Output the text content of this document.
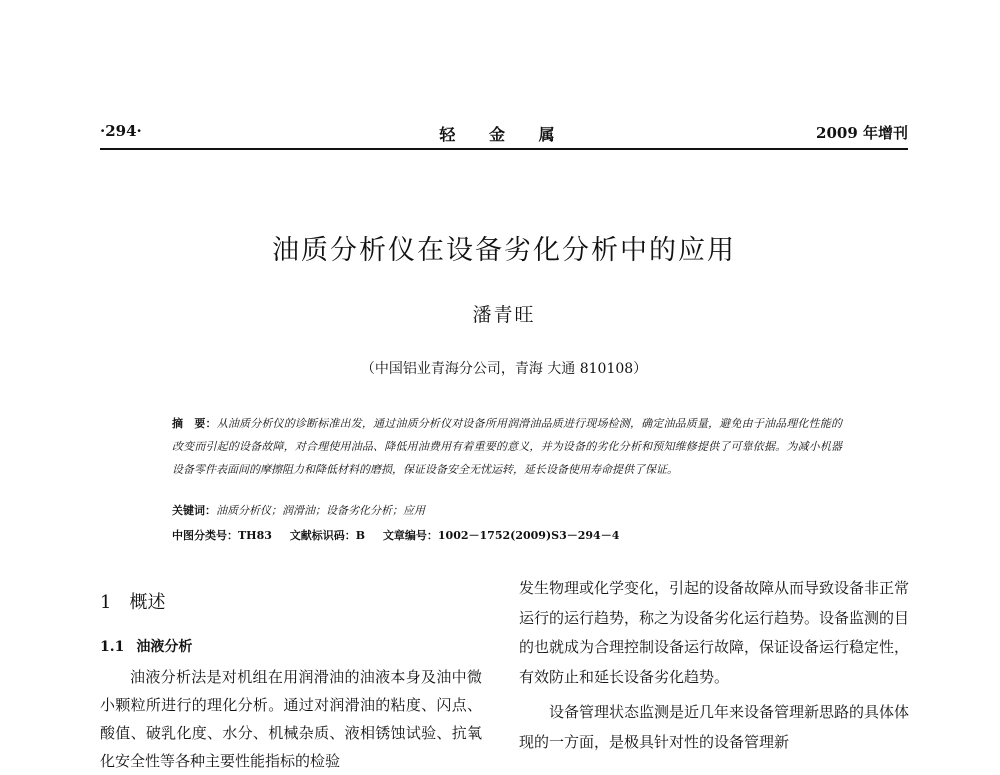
·294·	轻 金 属	2009 年增刊
油质分析仪在设备劣化分析中的应用
潘青旺
（中国铝业青海分公司，青海 大通 810108）
摘　要：从油质分析仪的诊断标准出发，通过油质分析仪对设备所用润滑油品质进行现场检测，确定油品质量，避免由于油品理化性能的改变而引起的设备故障，对合理使用油品、降低用油费用有着重要的意义，并为设备的劣化分析和预知维修提供了可靠依据。为减小机器设备零件表面间的摩擦阻力和降低材料的磨损，保证设备安全无忧运转，延长设备使用寿命提供了保证。
关键词：油质分析仪；润滑油；设备劣化分析；应用
中图分类号：TH83 文献标识码：B 文章编号：1002－1752(2009)S3－294－4
1 概述
1.1 油液分析

油液分析法是对机组在用润滑油的油液本身及油中微小颗粒所进行的理化分析。通过对润滑油的粘度、闪点、酸值、破乳化度、水分、机械杂质、液相锈蚀试验、抗氧化安全性等各种主要性能指标的检验

发生物理或化学变化，引起的设备故障从而导致设备非正常运行的运行趋势，称之为设备劣化运行趋势。设备监测的目的也就成为合理控制设备运行故障，保证设备运行稳定性，有效防止和延长设备劣化趋势。

设备管理状态监测是近几年来设备管理新思路的具体体现的一方面，是极具针对性的设备管理新
